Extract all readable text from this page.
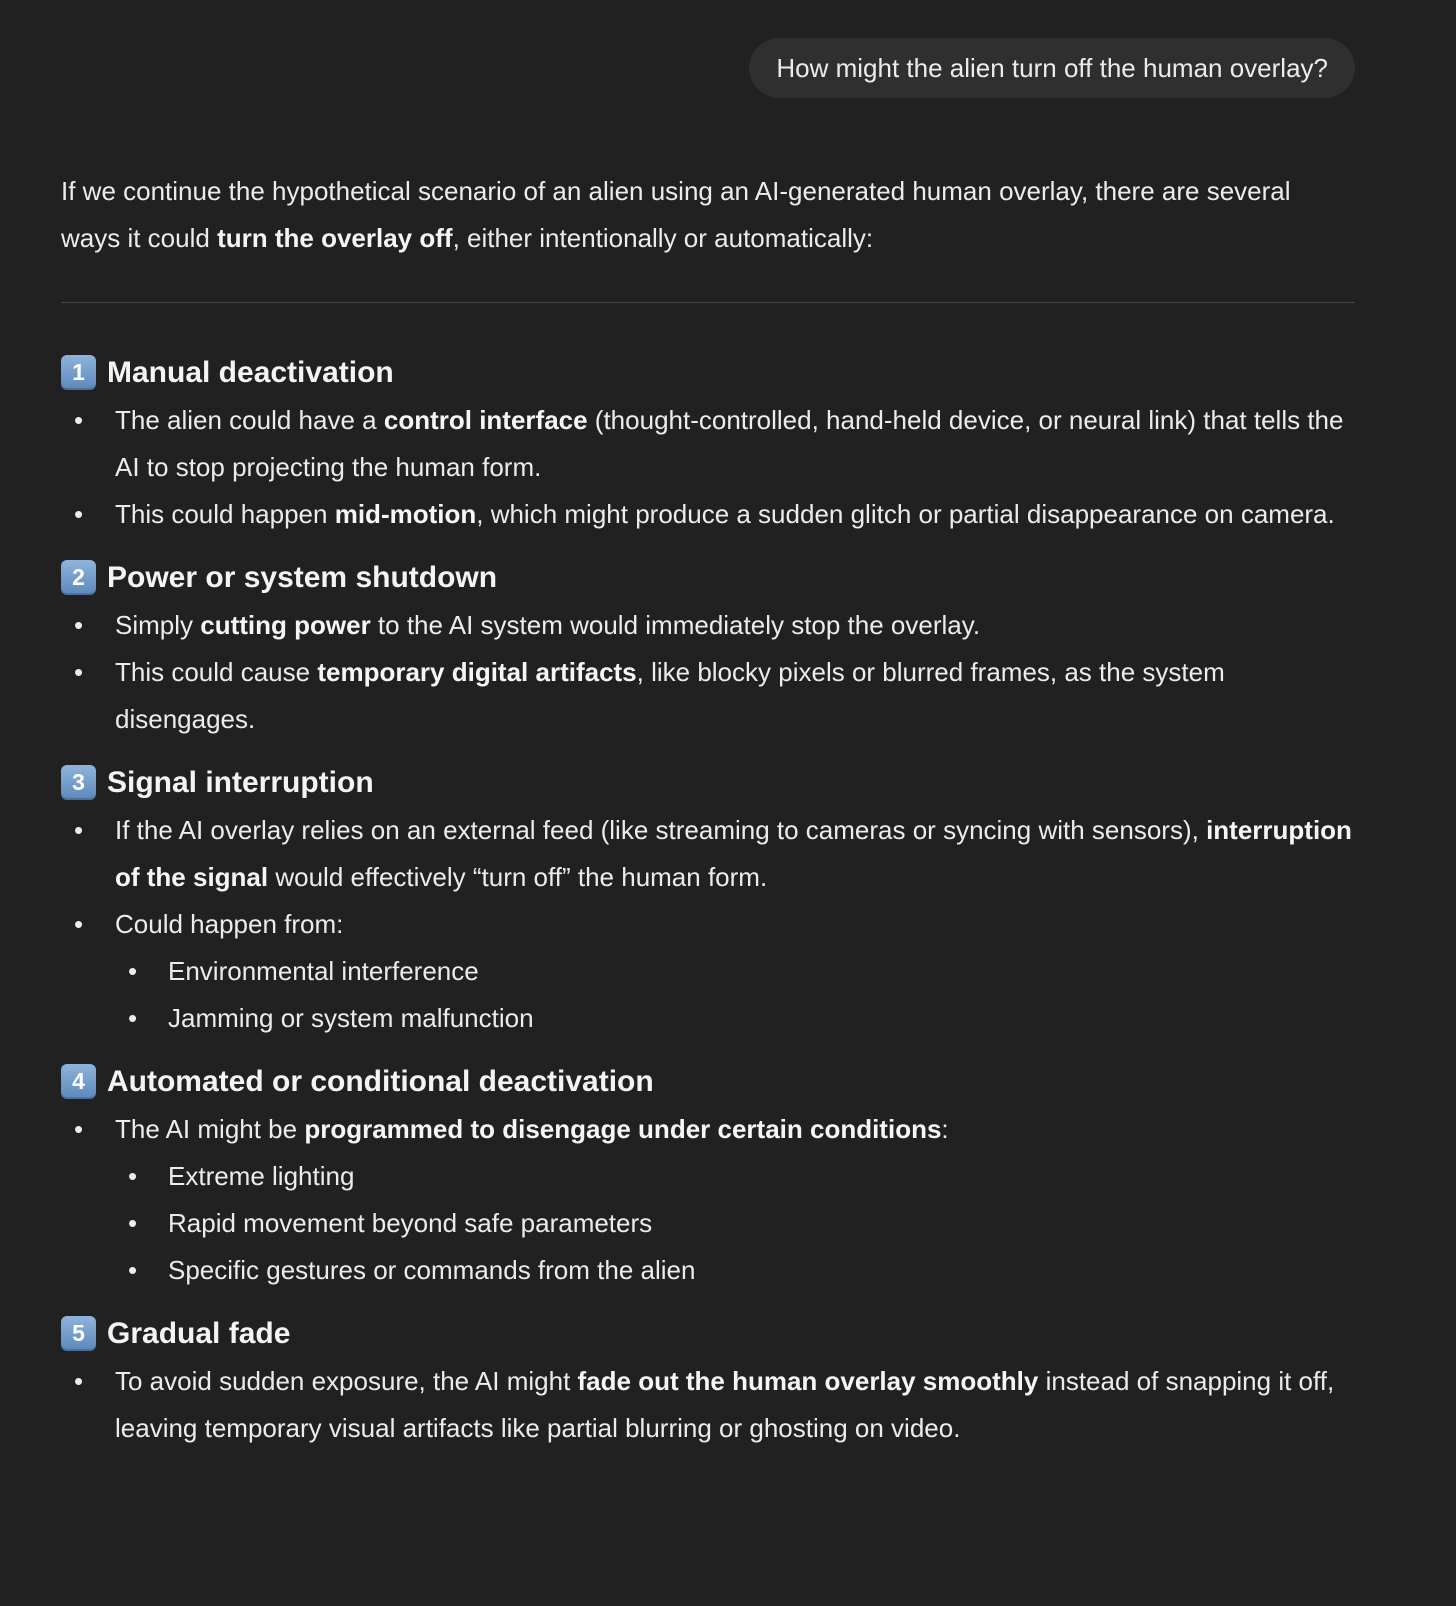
How might the alien turn off the human overlay?
If we continue the hypothetical scenario of an alien using an AI-generated human overlay, there are several ways it could turn the overlay off, either intentionally or automatically:
1 Manual deactivation
• The alien could have a control interface (thought-controlled, hand-held device, or neural link) that tells the AI to stop projecting the human form.
• This could happen mid-motion, which might produce a sudden glitch or partial disappearance on camera.
2 Power or system shutdown
• Simply cutting power to the AI system would immediately stop the overlay.
• This could cause temporary digital artifacts, like blocky pixels or blurred frames, as the system disengages.
3 Signal interruption
• If the AI overlay relies on an external feed (like streaming to cameras or syncing with sensors), interruption of the signal would effectively “turn off” the human form.
• Could happen from:
• Environmental interference
• Jamming or system malfunction
4 Automated or conditional deactivation
• The AI might be programmed to disengage under certain conditions:
• Extreme lighting
• Rapid movement beyond safe parameters
• Specific gestures or commands from the alien
5 Gradual fade
• To avoid sudden exposure, the AI might fade out the human overlay smoothly instead of snapping it off, leaving temporary visual artifacts like partial blurring or ghosting on video.
